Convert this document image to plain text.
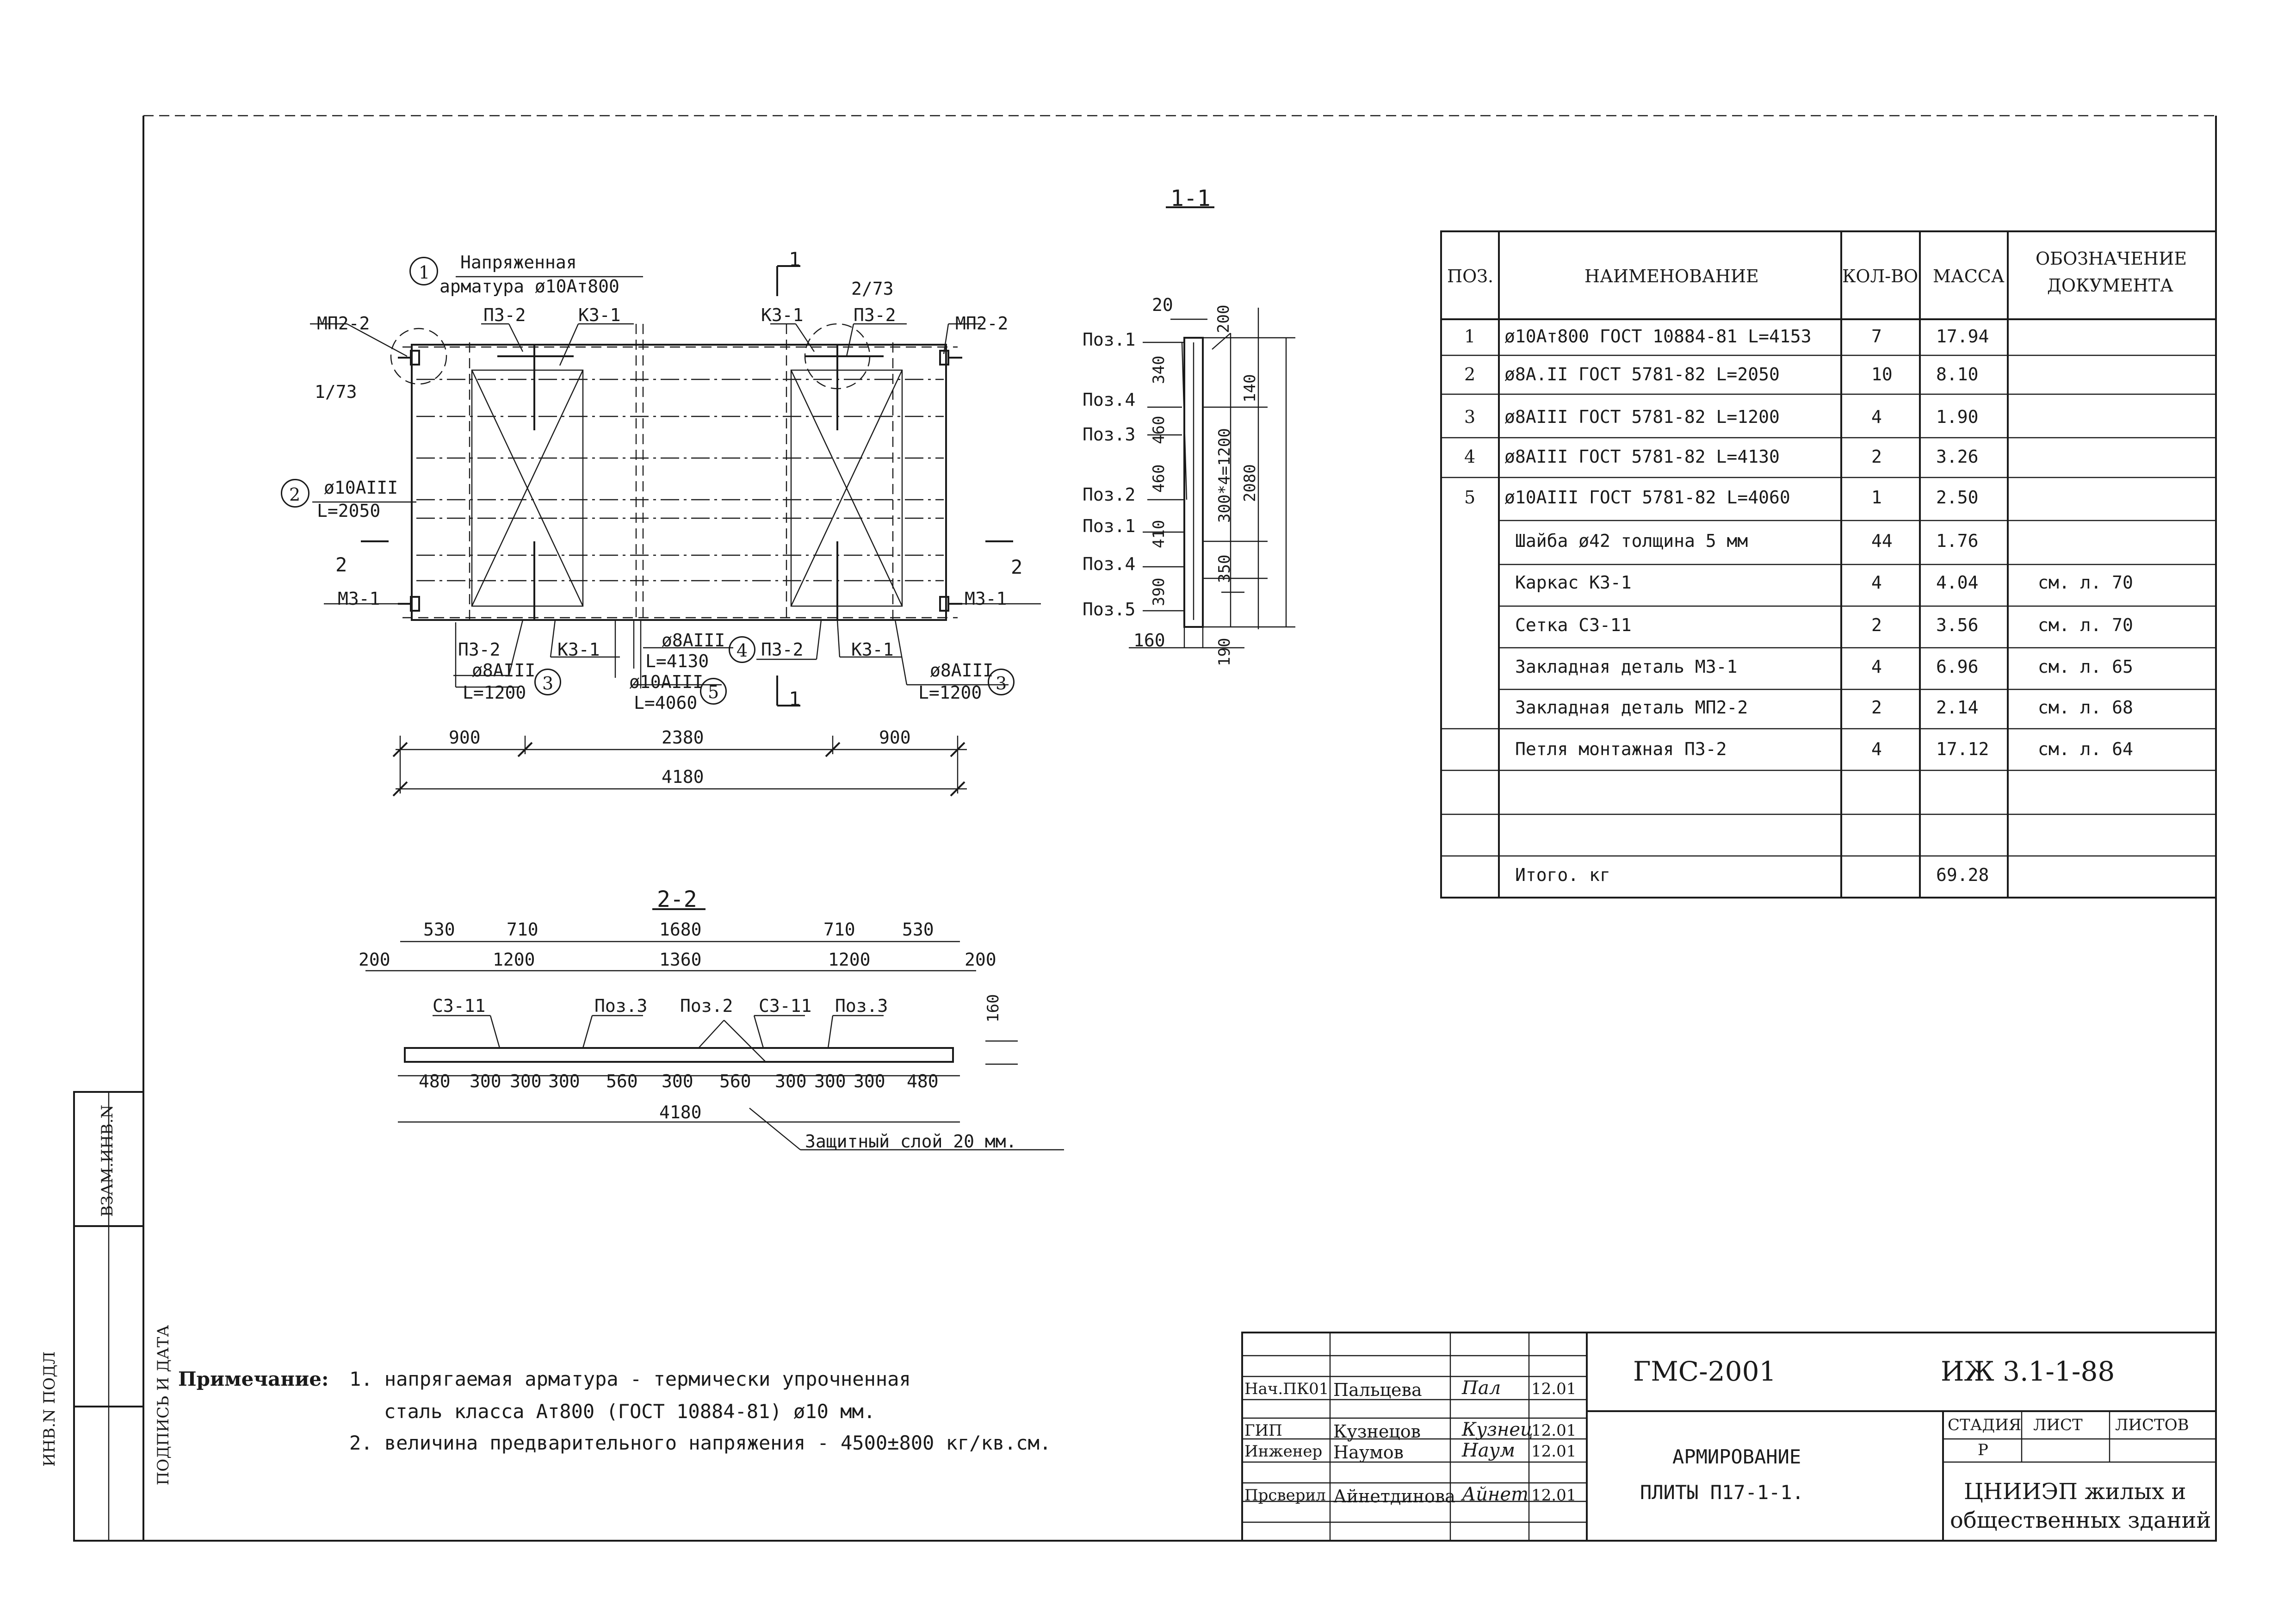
ИНВ.N ПОДЛ	ПОДПИСЬ И ДАТА
ВЗАМ.ИНВ.N
1-1
2-2
1 Напряженная
арматура ø10Ат800
МП2-2	МП2-2
П3-2	К3-1	К3-1	П3-2
1/73
2/73
1
1
2	2
2 ø10АIII
L=2050
М3-1	М3-1
П3-2	К3-1	П3-2	К3-1
ø8АIII
L=1200 3
ø8АIII
L=4130
4
ø10АIII
L=4060
5
ø8АIII
L=1200 3
900	2380	900
4180
Поз.1
Поз.4
Поз.3
Поз.2
Поз.1
Поз.4
Поз.5
20	200
340
460
460
410
390
300*4=1200
140
2080
350
160	190
530	710	1680	710	530
200	1200	1360	1200	200
С3-11	Поз.3 Поз.2 С3-11 Поз.3	160
480 300 300 300 560 300 560 300 300 300 480
4180
Защитный слой 20 мм.
ПОЗ.	НАИМЕНОВАНИЕ	КОЛ-ВО МАССА
ОБОЗНАЧЕНИЕ
ДОКУМЕНТА
1 ø10Ат800 ГОСТ 10884-81 L=4153	7	17.94
2 ø8А.II ГОСТ 5781-82 L=2050	10 8.10
3 ø8АIII ГОСТ 5781-82 L=1200	4	1.90
4 ø8АIII ГОСТ 5781-82 L=4130	2	3.26
5 ø10АIII ГОСТ 5781-82 L=4060	1	2.50
Шайба ø42 толщина 5 мм	44 1.76
Каркас К3-1	4	4.04	см. л. 70
Сетка С3-11	2	3.56	см. л. 70
Закладная деталь М3-1	4	6.96	см. л. 65
Закладная деталь МП2-2	2	2.14	см. л. 68
Петля монтажная П3-2	4	17.12	см. л. 64
Итого. кг	69.28
Примечание: 1. напрягаемая арматура - термически упрочненная
сталь класса Ат800 (ГОСТ 10884-81) ø10 мм.
2. величина предварительного напряжения - 4500±800 кг/кв.см.
ГМС-2001	ИЖ 3.1-1-88
АРМИРОВАНИЕ
ПЛИТЫ П17-1-1.
СТАДИЯ ЛИСТ ЛИСТОВ
Р
ЦНИИЭП жилых и
общественных зданий
Нач.ПК01 Пальцева Пал 12.01
ГИП	Кузнецов Кузнец
12.01
Инженер Наумов	Наум 12.01
Прсверил Айнетдинова Айнет 12.01
